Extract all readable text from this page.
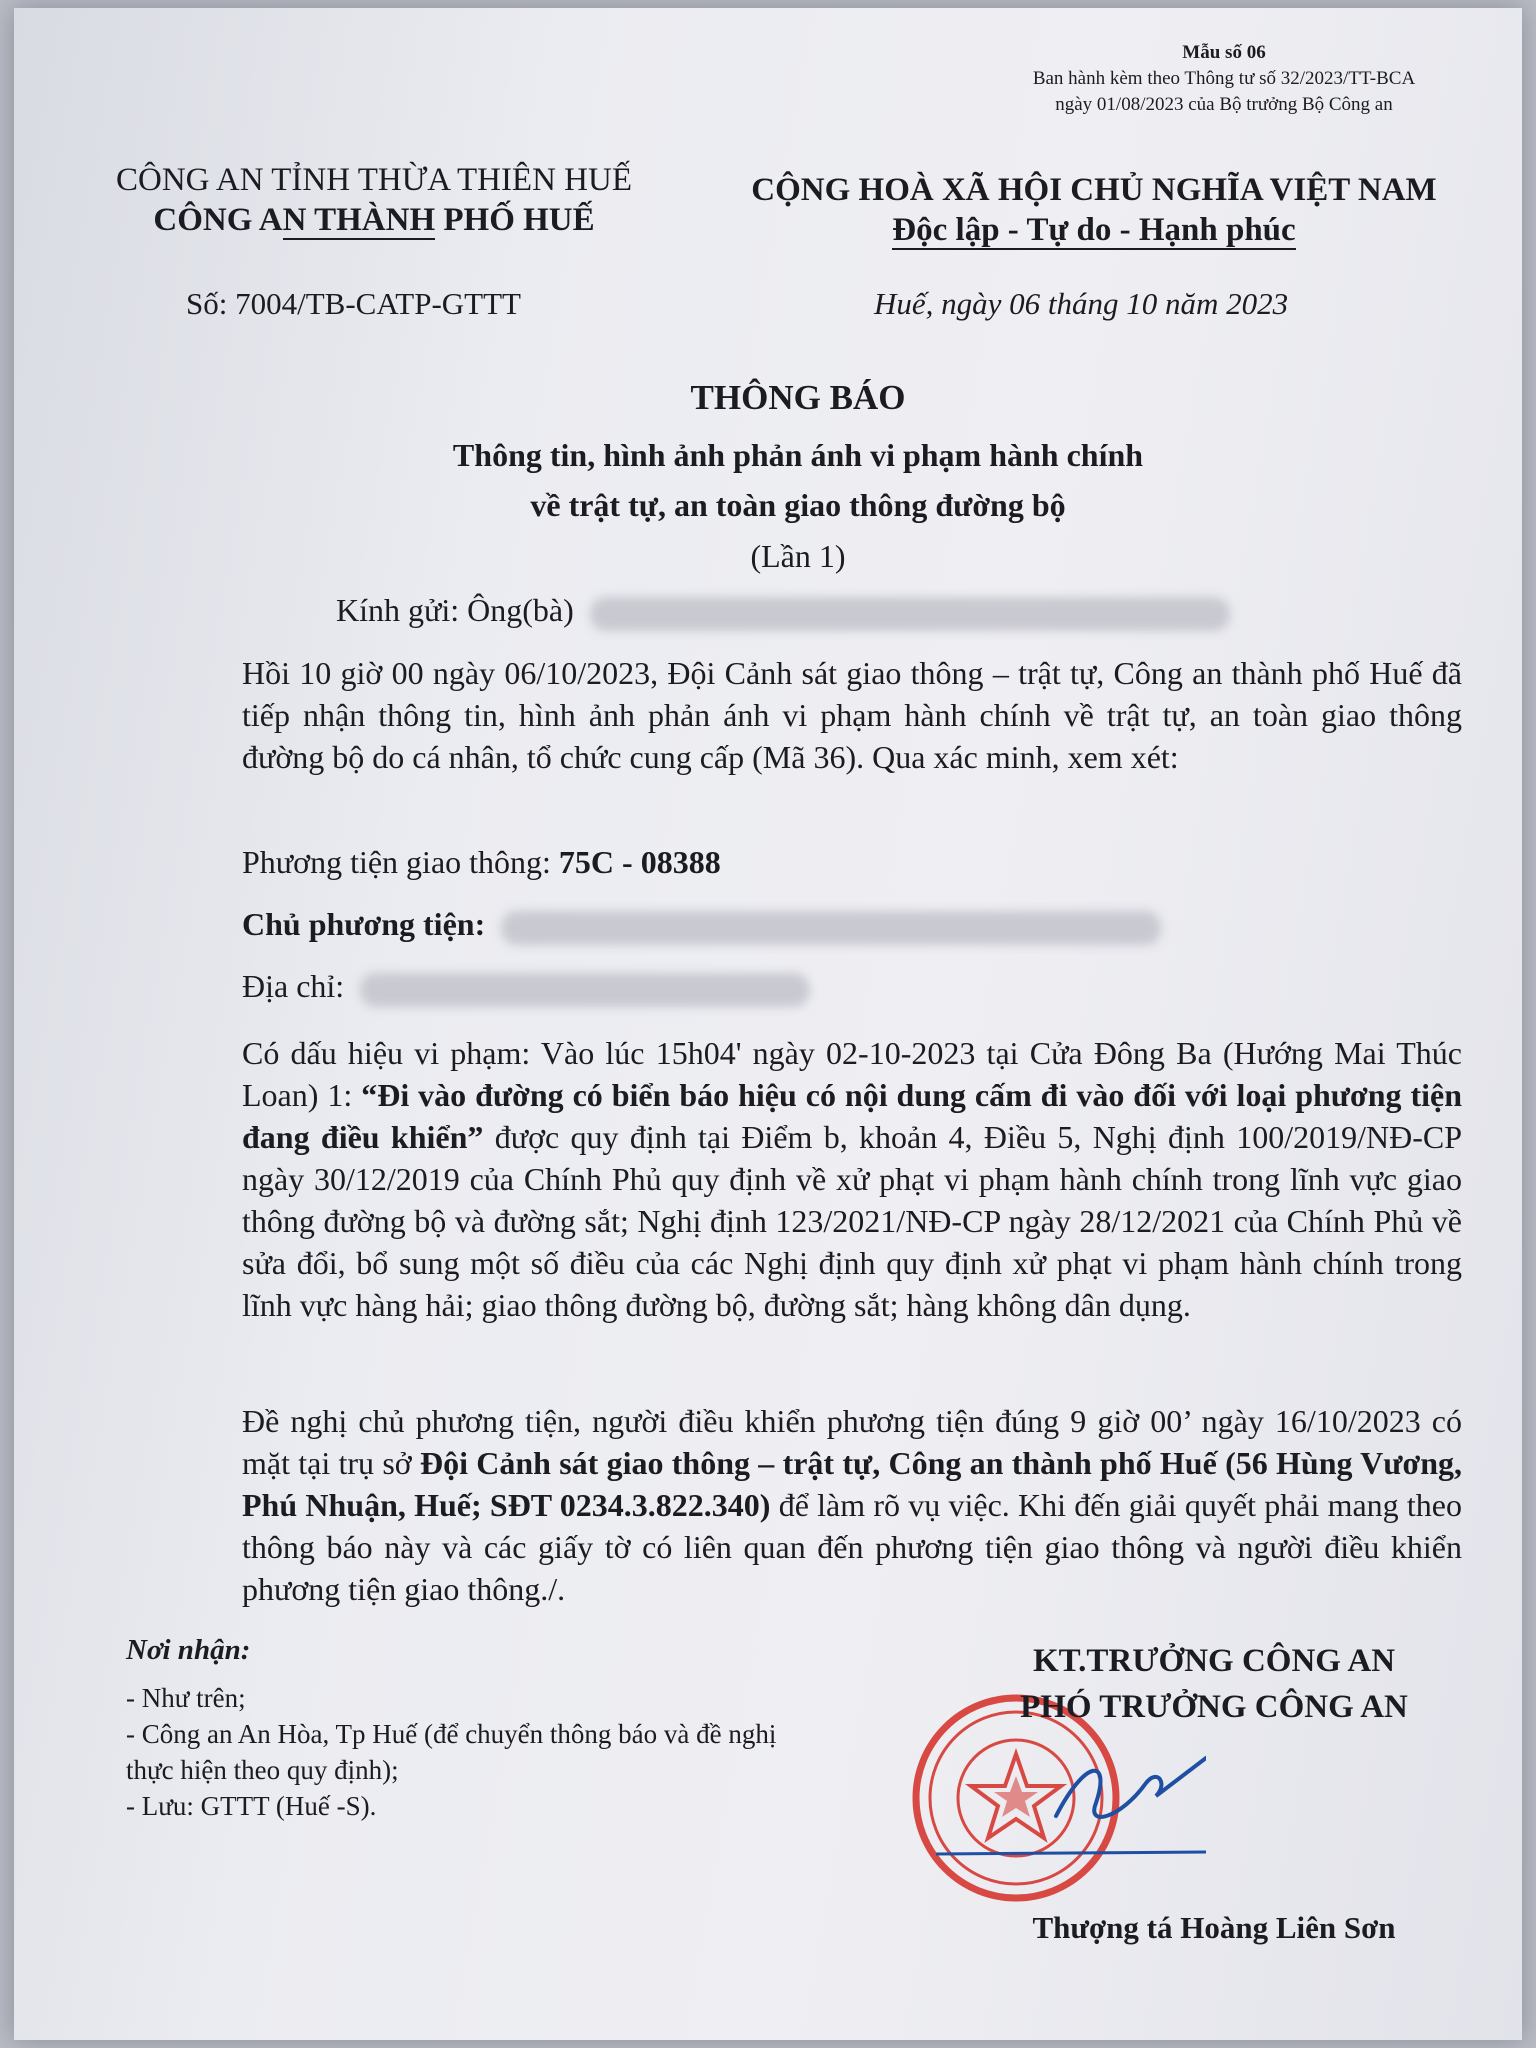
Mẫu số 06
Ban hành kèm theo Thông tư số 32/2023/TT-BCA
ngày 01/08/2023 của Bộ trưởng Bộ Công an
CÔNG AN TỈNH THỪA THIÊN HUẾ
CÔNG AN THÀNH PHỐ HUẾ
CỘNG HOÀ XÃ HỘI CHỦ NGHĨA VIỆT NAM
Độc lập - Tự do - Hạnh phúc
Số: 7004/TB-CATP-GTTT	Huế, ngày 06 tháng 10 năm 2023
THÔNG BÁO
Thông tin, hình ảnh phản ánh vi phạm hành chính
về trật tự, an toàn giao thông đường bộ
(Lần 1)
Kính gửi: Ông(bà)
Hồi 10 giờ 00 ngày 06/10/2023, Đội Cảnh sát giao thông – trật tự, Công an thành phố Huế đã tiếp nhận thông tin, hình ảnh phản ánh vi phạm hành chính về trật tự, an toàn giao thông đường bộ do cá nhân, tổ chức cung cấp (Mã 36). Qua xác minh, xem xét:
Phương tiện giao thông: 75C - 08388
Chủ phương tiện:
Địa chỉ:
Có dấu hiệu vi phạm: Vào lúc 15h04' ngày 02-10-2023 tại Cửa Đông Ba (Hướng Mai Thúc Loan) 1: “Đi vào đường có biển báo hiệu có nội dung cấm đi vào đối với loại phương tiện đang điều khiển” được quy định tại Điểm b, khoản 4, Điều 5, Nghị định 100/2019/NĐ-CP ngày 30/12/2019 của Chính Phủ quy định về xử phạt vi phạm hành chính trong lĩnh vực giao thông đường bộ và đường sắt; Nghị định 123/2021/NĐ-CP ngày 28/12/2021 của Chính Phủ về sửa đổi, bổ sung một số điều của các Nghị định quy định xử phạt vi phạm hành chính trong lĩnh vực hàng hải; giao thông đường bộ, đường sắt; hàng không dân dụng.
Đề nghị chủ phương tiện, người điều khiển phương tiện đúng 9 giờ 00’ ngày 16/10/2023 có mặt tại trụ sở Đội Cảnh sát giao thông – trật tự, Công an thành phố Huế (56 Hùng Vương, Phú Nhuận, Huế; SĐT 0234.3.822.340) để làm rõ vụ việc. Khi đến giải quyết phải mang theo thông báo này và các giấy tờ có liên quan đến phương tiện giao thông và người điều khiển phương tiện giao thông./.
Nơi nhận:
- Như trên;
- Công an An Hòa, Tp Huế (để chuyển thông báo và đề nghị thực hiện theo quy định);
- Lưu: GTTT (Huế -S).
KT.TRƯỞNG CÔNG AN
PHÓ TRƯỞNG CÔNG AN
Thượng tá Hoàng Liên Sơn
